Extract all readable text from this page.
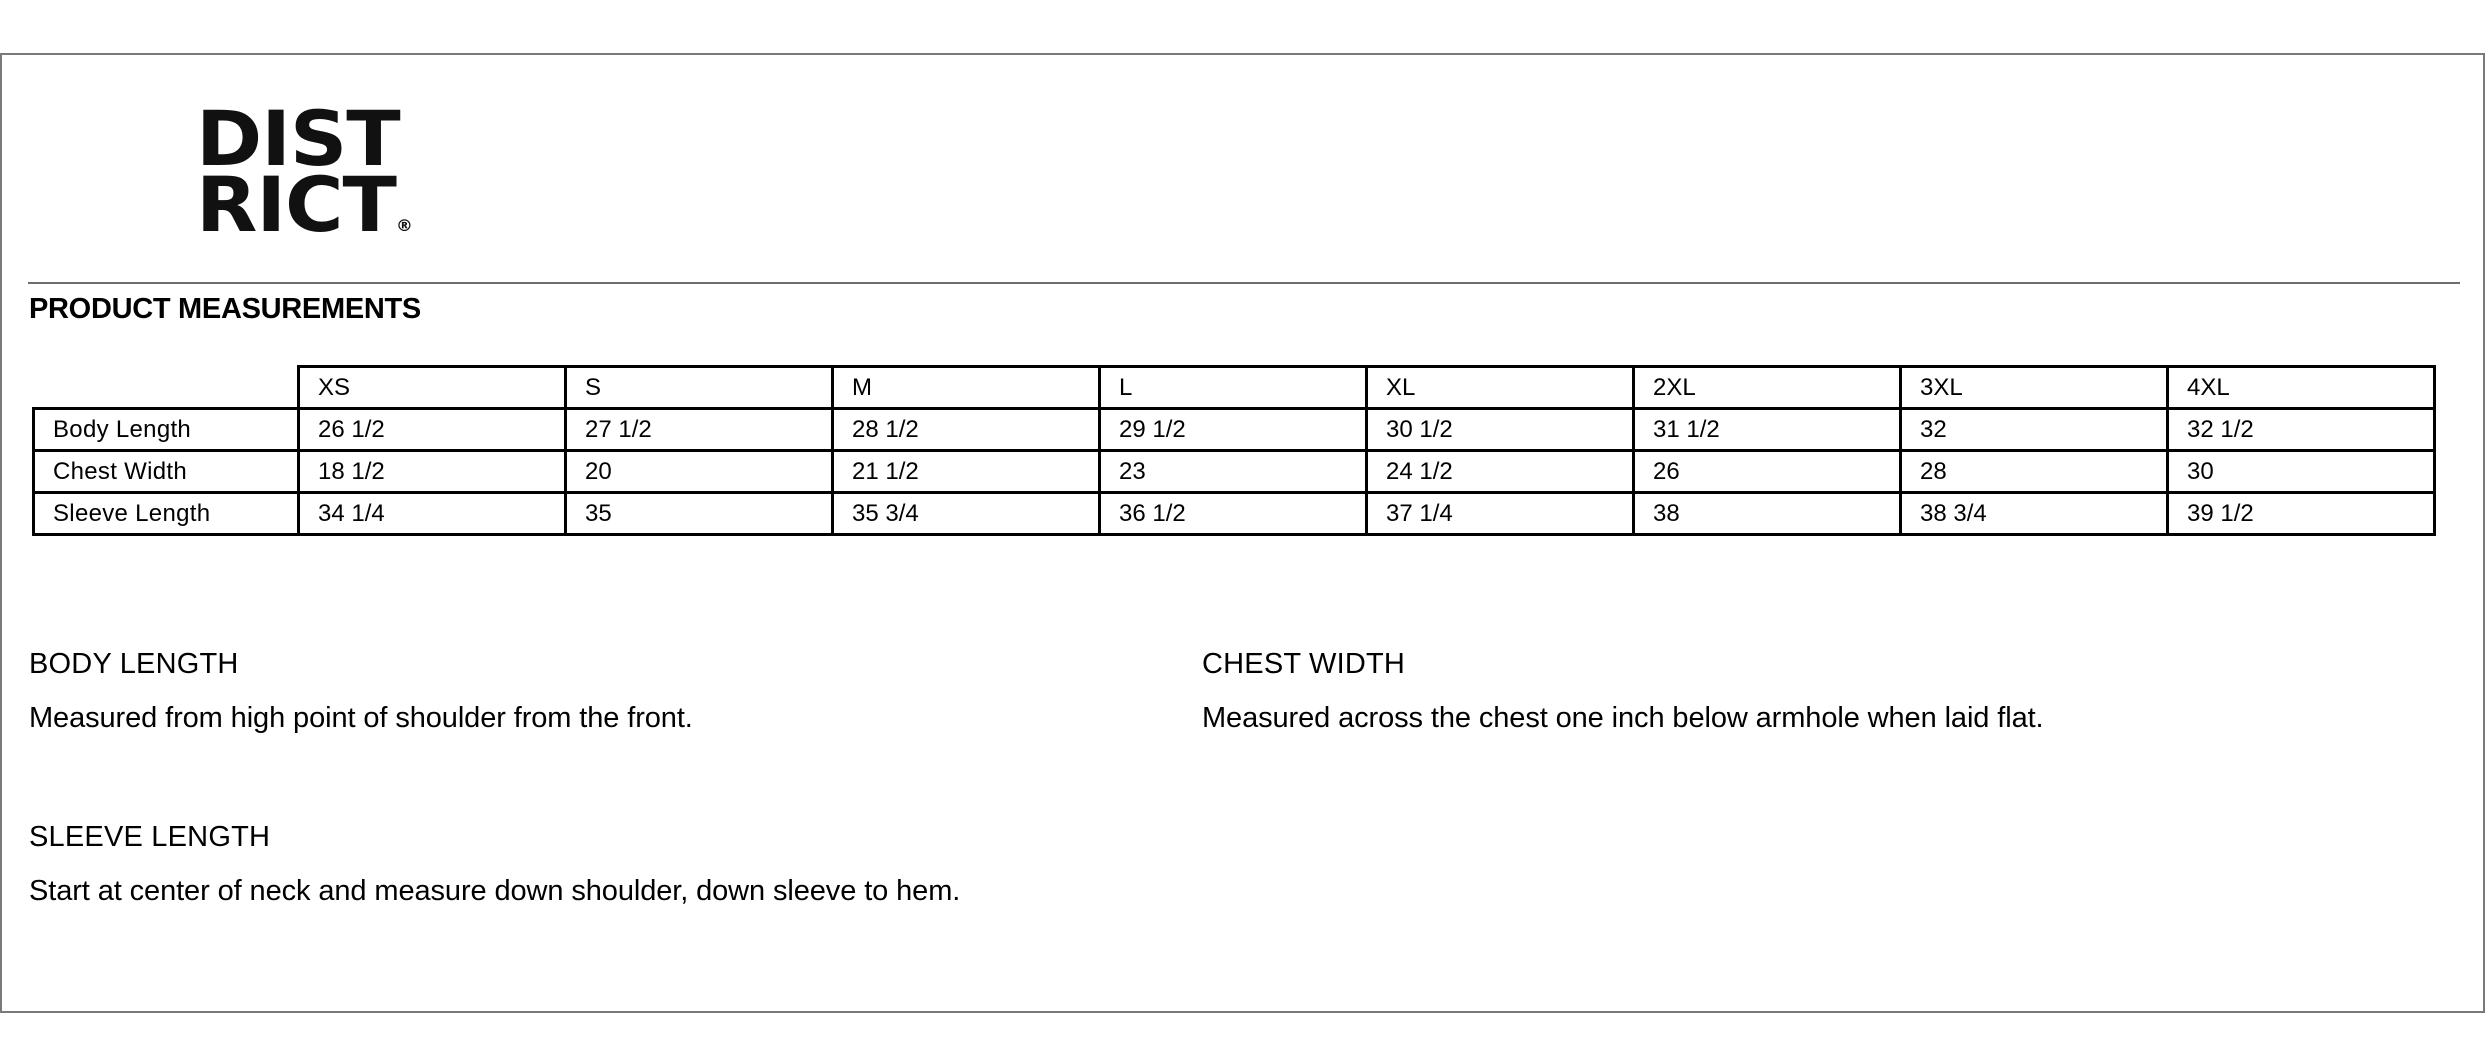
DIST
RICT®
PRODUCT MEASUREMENTS
	XS	S	M	L	XL	2XL	3XL	4XL
Body Length	26 1/2	27 1/2	28 1/2	29 1/2	30 1/2	31 1/2	32	32 1/2
Chest Width	18 1/2	20	21 1/2	23	24 1/2	26	28	30
Sleeve Length	34 1/4	35	35 3/4	36 1/2	37 1/4	38	38 3/4	39 1/2
BODY LENGTH
Measured from high point of shoulder from the front.
CHEST WIDTH
Measured across the chest one inch below armhole when laid flat.
SLEEVE LENGTH
Start at center of neck and measure down shoulder, down sleeve to hem.
